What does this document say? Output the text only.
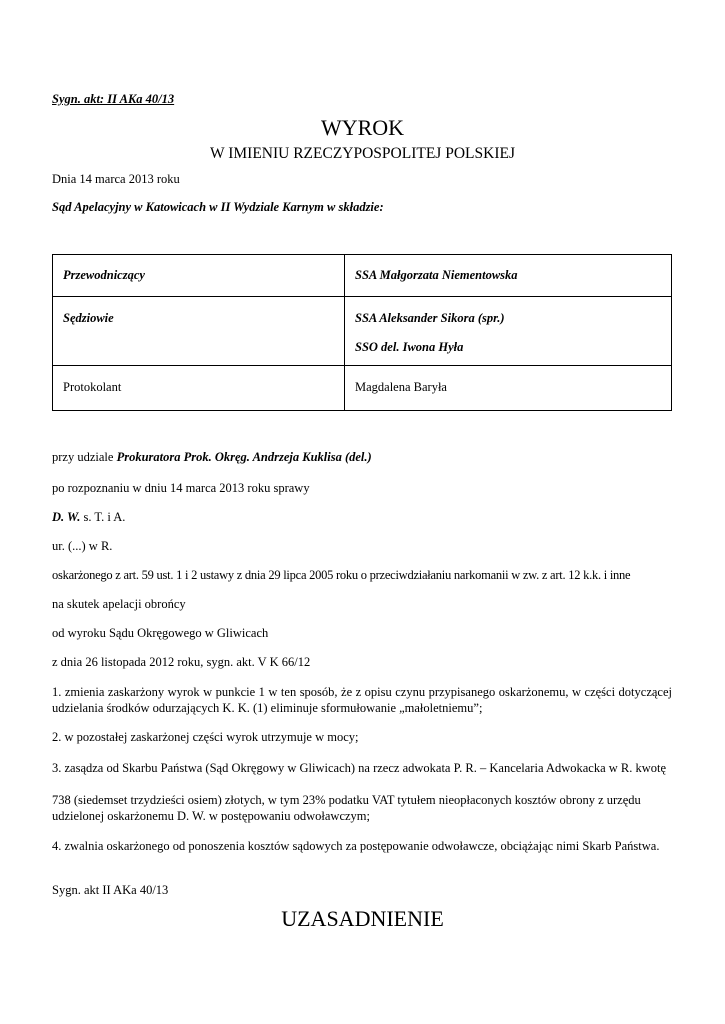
Sygn. akt: II AKa 40/13
WYROK
W IMIENIU RZECZYPOSPOLITEJ POLSKIEJ
Dnia 14 marca 2013 roku
Sąd Apelacyjny w Katowicach w II Wydziale Karnym w składzie:
Przewodniczący	SSA Małgorzata Niementowska
Sędziowie	SSA Aleksander Sikora (spr.)
SSO del. Iwona Hyła

Protokolant	Magdalena Baryła
przy udziale Prokuratora Prok. Okręg. Andrzeja Kuklisa (del.)
po rozpoznaniu w dniu 14 marca 2013 roku sprawy
D. W. s. T. i A.
ur. (...) w R.
oskarżonego z art. 59 ust. 1 i 2 ustawy z dnia 29 lipca 2005 roku o przeciwdziałaniu narkomanii w zw. z art. 12 k.k. i inne
na skutek apelacji obrońcy
od wyroku Sądu Okręgowego w Gliwicach
z dnia 26 listopada 2012 roku, sygn. akt. V K 66/12
1. zmienia zaskarżony wyrok w punkcie 1 w ten sposób, że z opisu czynu przypisanego oskarżonemu, w części dotyczącej udzielania środków odurzających K. K. (1) eliminuje sformułowanie „małoletniemu”;
2. w pozostałej zaskarżonej części wyrok utrzymuje w mocy;
3. zasądza od Skarbu Państwa (Sąd Okręgowy w Gliwicach) na rzecz adwokata P. R. – Kancelaria Adwokacka w R. kwotę
738 (siedemset trzydzieści osiem) złotych, w tym 23% podatku VAT tytułem nieopłaconych kosztów obrony z urzędu udzielonej oskarżonemu D. W. w postępowaniu odwoławczym;
4. zwalnia oskarżonego od ponoszenia kosztów sądowych za postępowanie odwoławcze, obciążając nimi Skarb Państwa.
Sygn. akt II AKa 40/13
UZASADNIENIE
